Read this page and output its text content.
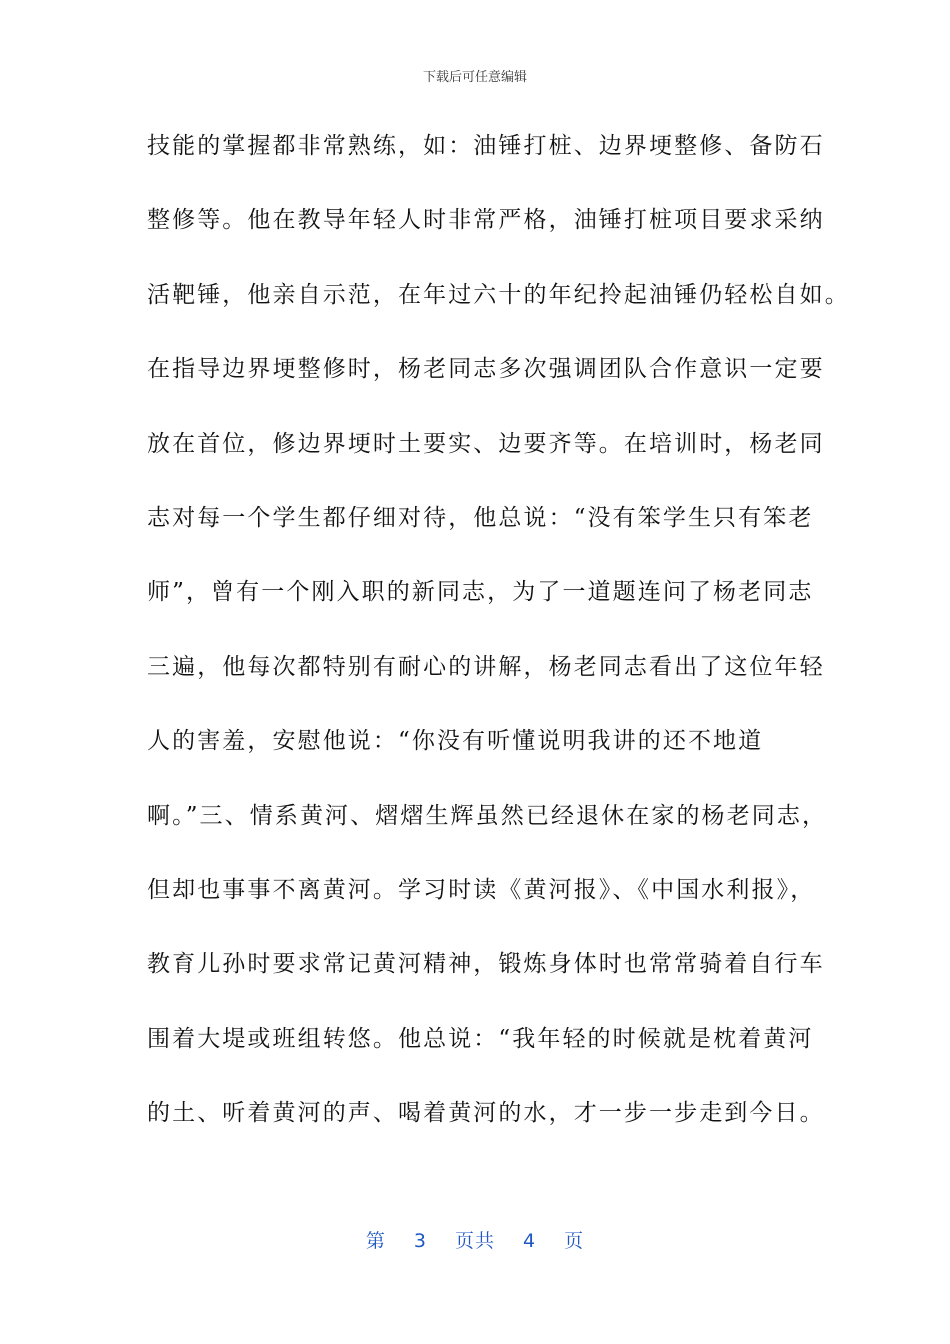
下载后可任意编辑
技能的掌握都非常熟练，如：油锤打桩、边界埂整修、备防石
整修等。他在教导年轻人时非常严格，油锤打桩项目要求采纳
活靶锤，他亲自示范，在年过六十的年纪拎起油锤仍轻松自如。
在指导边界埂整修时，杨老同志多次强调团队合作意识一定要
放在首位，修边界埂时土要实、边要齐等。在培训时，杨老同
志对每一个学生都仔细对待，他总说：“没有笨学生只有笨老
师”，曾有一个刚入职的新同志，为了一道题连问了杨老同志
三遍，他每次都特别有耐心的讲解，杨老同志看出了这位年轻
人的害羞，安慰他说：“你没有听懂说明我讲的还不地道
啊。”三、情系黄河、熠熠生辉虽然已经退休在家的杨老同志，
但却也事事不离黄河。学习时读《黄河报》、《中国水利报》，
教育儿孙时要求常记黄河精神，锻炼身体时也常常骑着自行车
围着大堤或班组转悠。他总说：“我年轻的时候就是枕着黄河
的土、听着黄河的声、喝着黄河的水，才一步一步走到今日。
第 3 页共 4 页
